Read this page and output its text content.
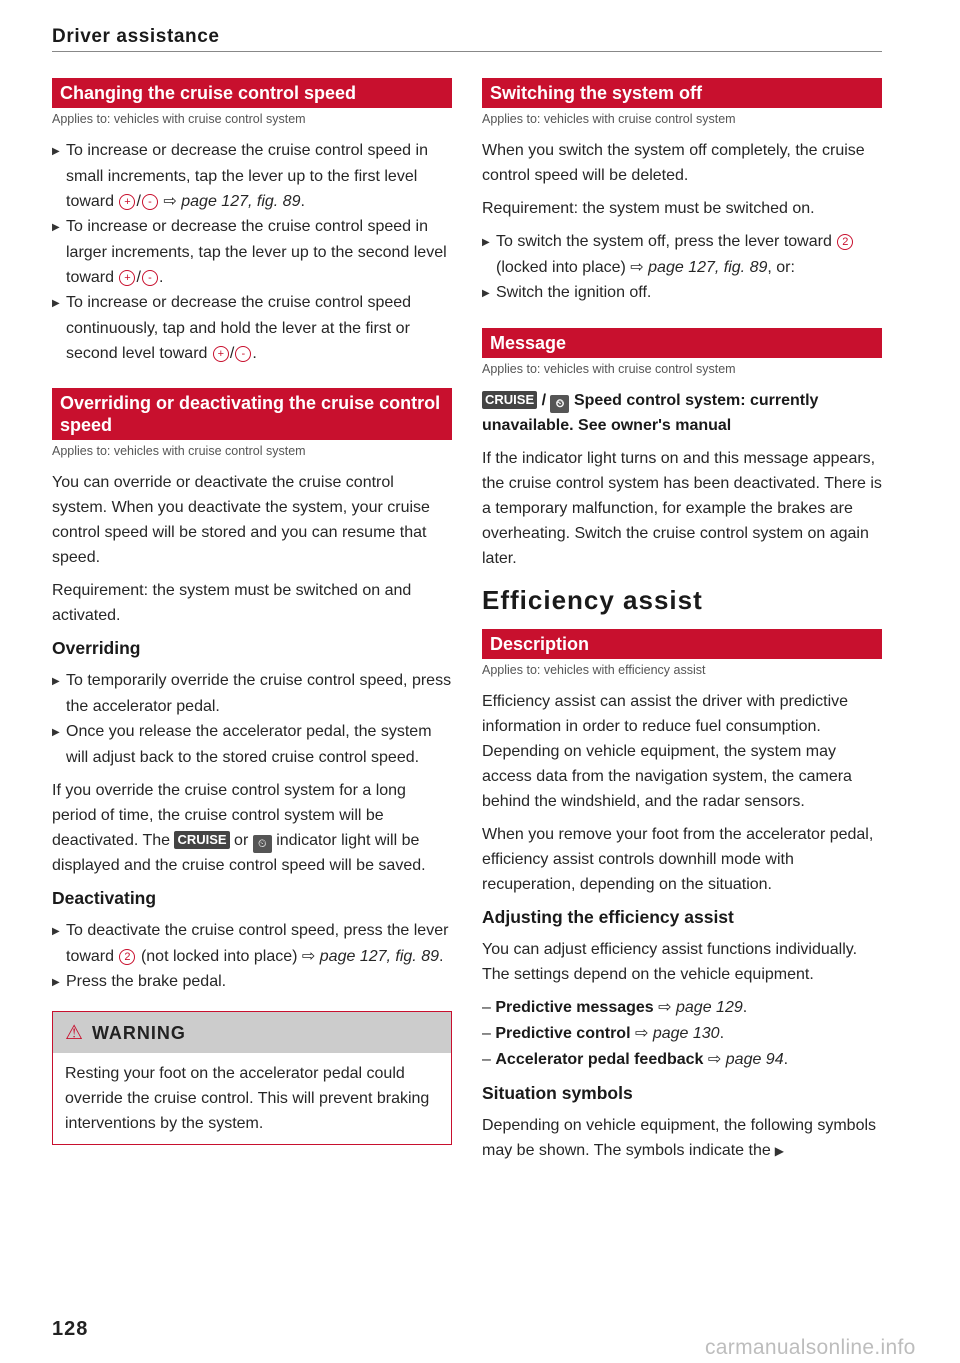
Driver assistance
Changing the cruise control speed
Applies to: vehicles with cruise control system
▶ To increase or decrease the cruise control speed in small increments, tap the lever up to the first level toward + / - ⇨ page 127, fig. 89.
▶ To increase or decrease the cruise control speed in larger increments, tap the lever up to the second level toward + / - .
▶ To increase or decrease the cruise control speed continuously, tap and hold the lever at the first or second level toward + / - .
Overriding or deactivating the cruise control speed
Applies to: vehicles with cruise control system

You can override or deactivate the cruise control system. When you deactivate the system, your cruise control speed will be stored and you can resume that speed.

Requirement: the system must be switched on and activated.

Overriding
▶ To temporarily override the cruise control speed, press the accelerator pedal.
▶ Once you release the accelerator pedal, the system will adjust back to the stored cruise control speed.

If you override the cruise control system for a long period of time, the cruise control system will be deactivated. The CRUISE or ⏲ indicator light will be displayed and the cruise control speed will be saved.

Deactivating
▶ To deactivate the cruise control speed, press the lever toward 2 (not locked into place) ⇨ page 127, fig. 89.
▶ Press the brake pedal.
⚠ WARNING
Resting your foot on the accelerator pedal could override the cruise control. This will prevent braking interventions by the system.
Switching the system off
Applies to: vehicles with cruise control system

When you switch the system off completely, the cruise control speed will be deleted.

Requirement: the system must be switched on.

▶ To switch the system off, press the lever toward 2 (locked into place) ⇨ page 127, fig. 89, or:
▶ Switch the ignition off.
Message
Applies to: vehicles with cruise control system
CRUISE / ⏲ Speed control system: currently unavailable. See owner's manual

If the indicator light turns on and this message appears, the cruise control system has been deactivated. There is a temporary malfunction, for example the brakes are overheating. Switch the cruise control system on again later.

Efficiency assist
Description
Applies to: vehicles with efficiency assist

Efficiency assist can assist the driver with predictive information in order to reduce fuel consumption. Depending on vehicle equipment, the system may access data from the navigation system, the camera behind the windshield, and the radar sensors.

When you remove your foot from the accelerator pedal, efficiency assist controls downhill mode with recuperation, depending on the situation.

Adjusting the efficiency assist

You can adjust efficiency assist functions individually. The settings depend on the vehicle equipment.

– Predictive messages ⇨ page 129.
– Predictive control ⇨ page 130.
– Accelerator pedal feedback ⇨ page 94.
Situation symbols

Depending on vehicle equipment, the following symbols may be shown. The symbols indicate the ▶

128
carmanualsonline.info
